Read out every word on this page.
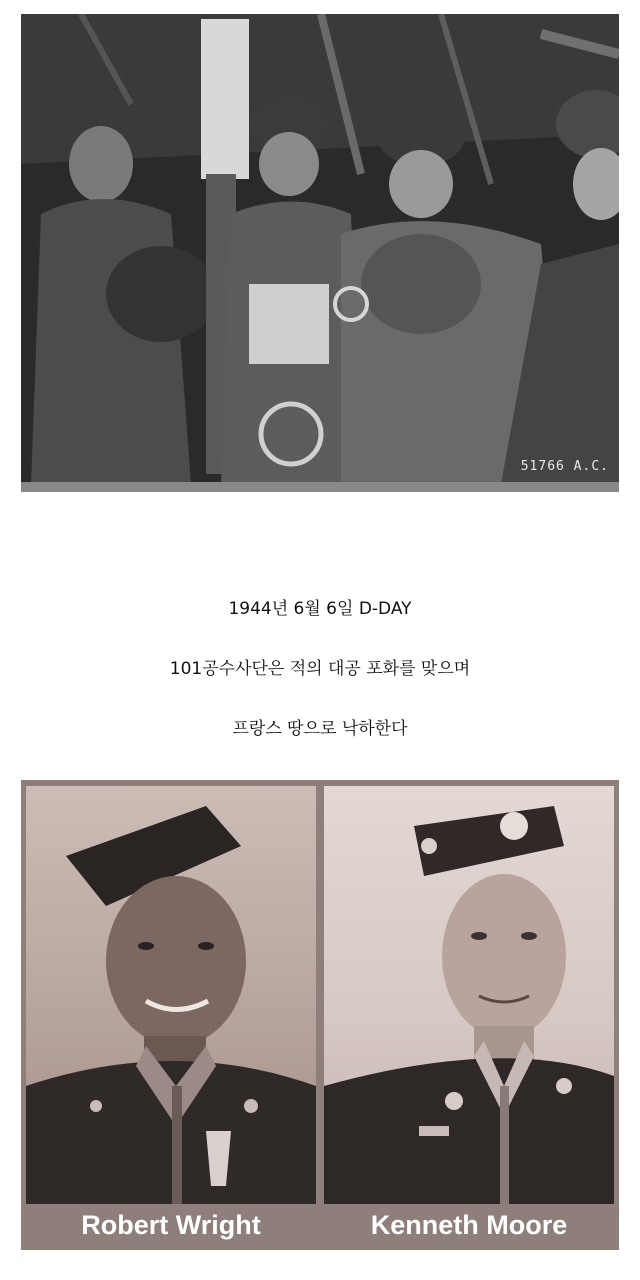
51766 A.C.
1944년 6월 6일 D-DAY
101공수사단은 적의 대공 포화를 맞으며
프랑스 땅으로 낙하한다
Robert Wright	Kenneth Moore
